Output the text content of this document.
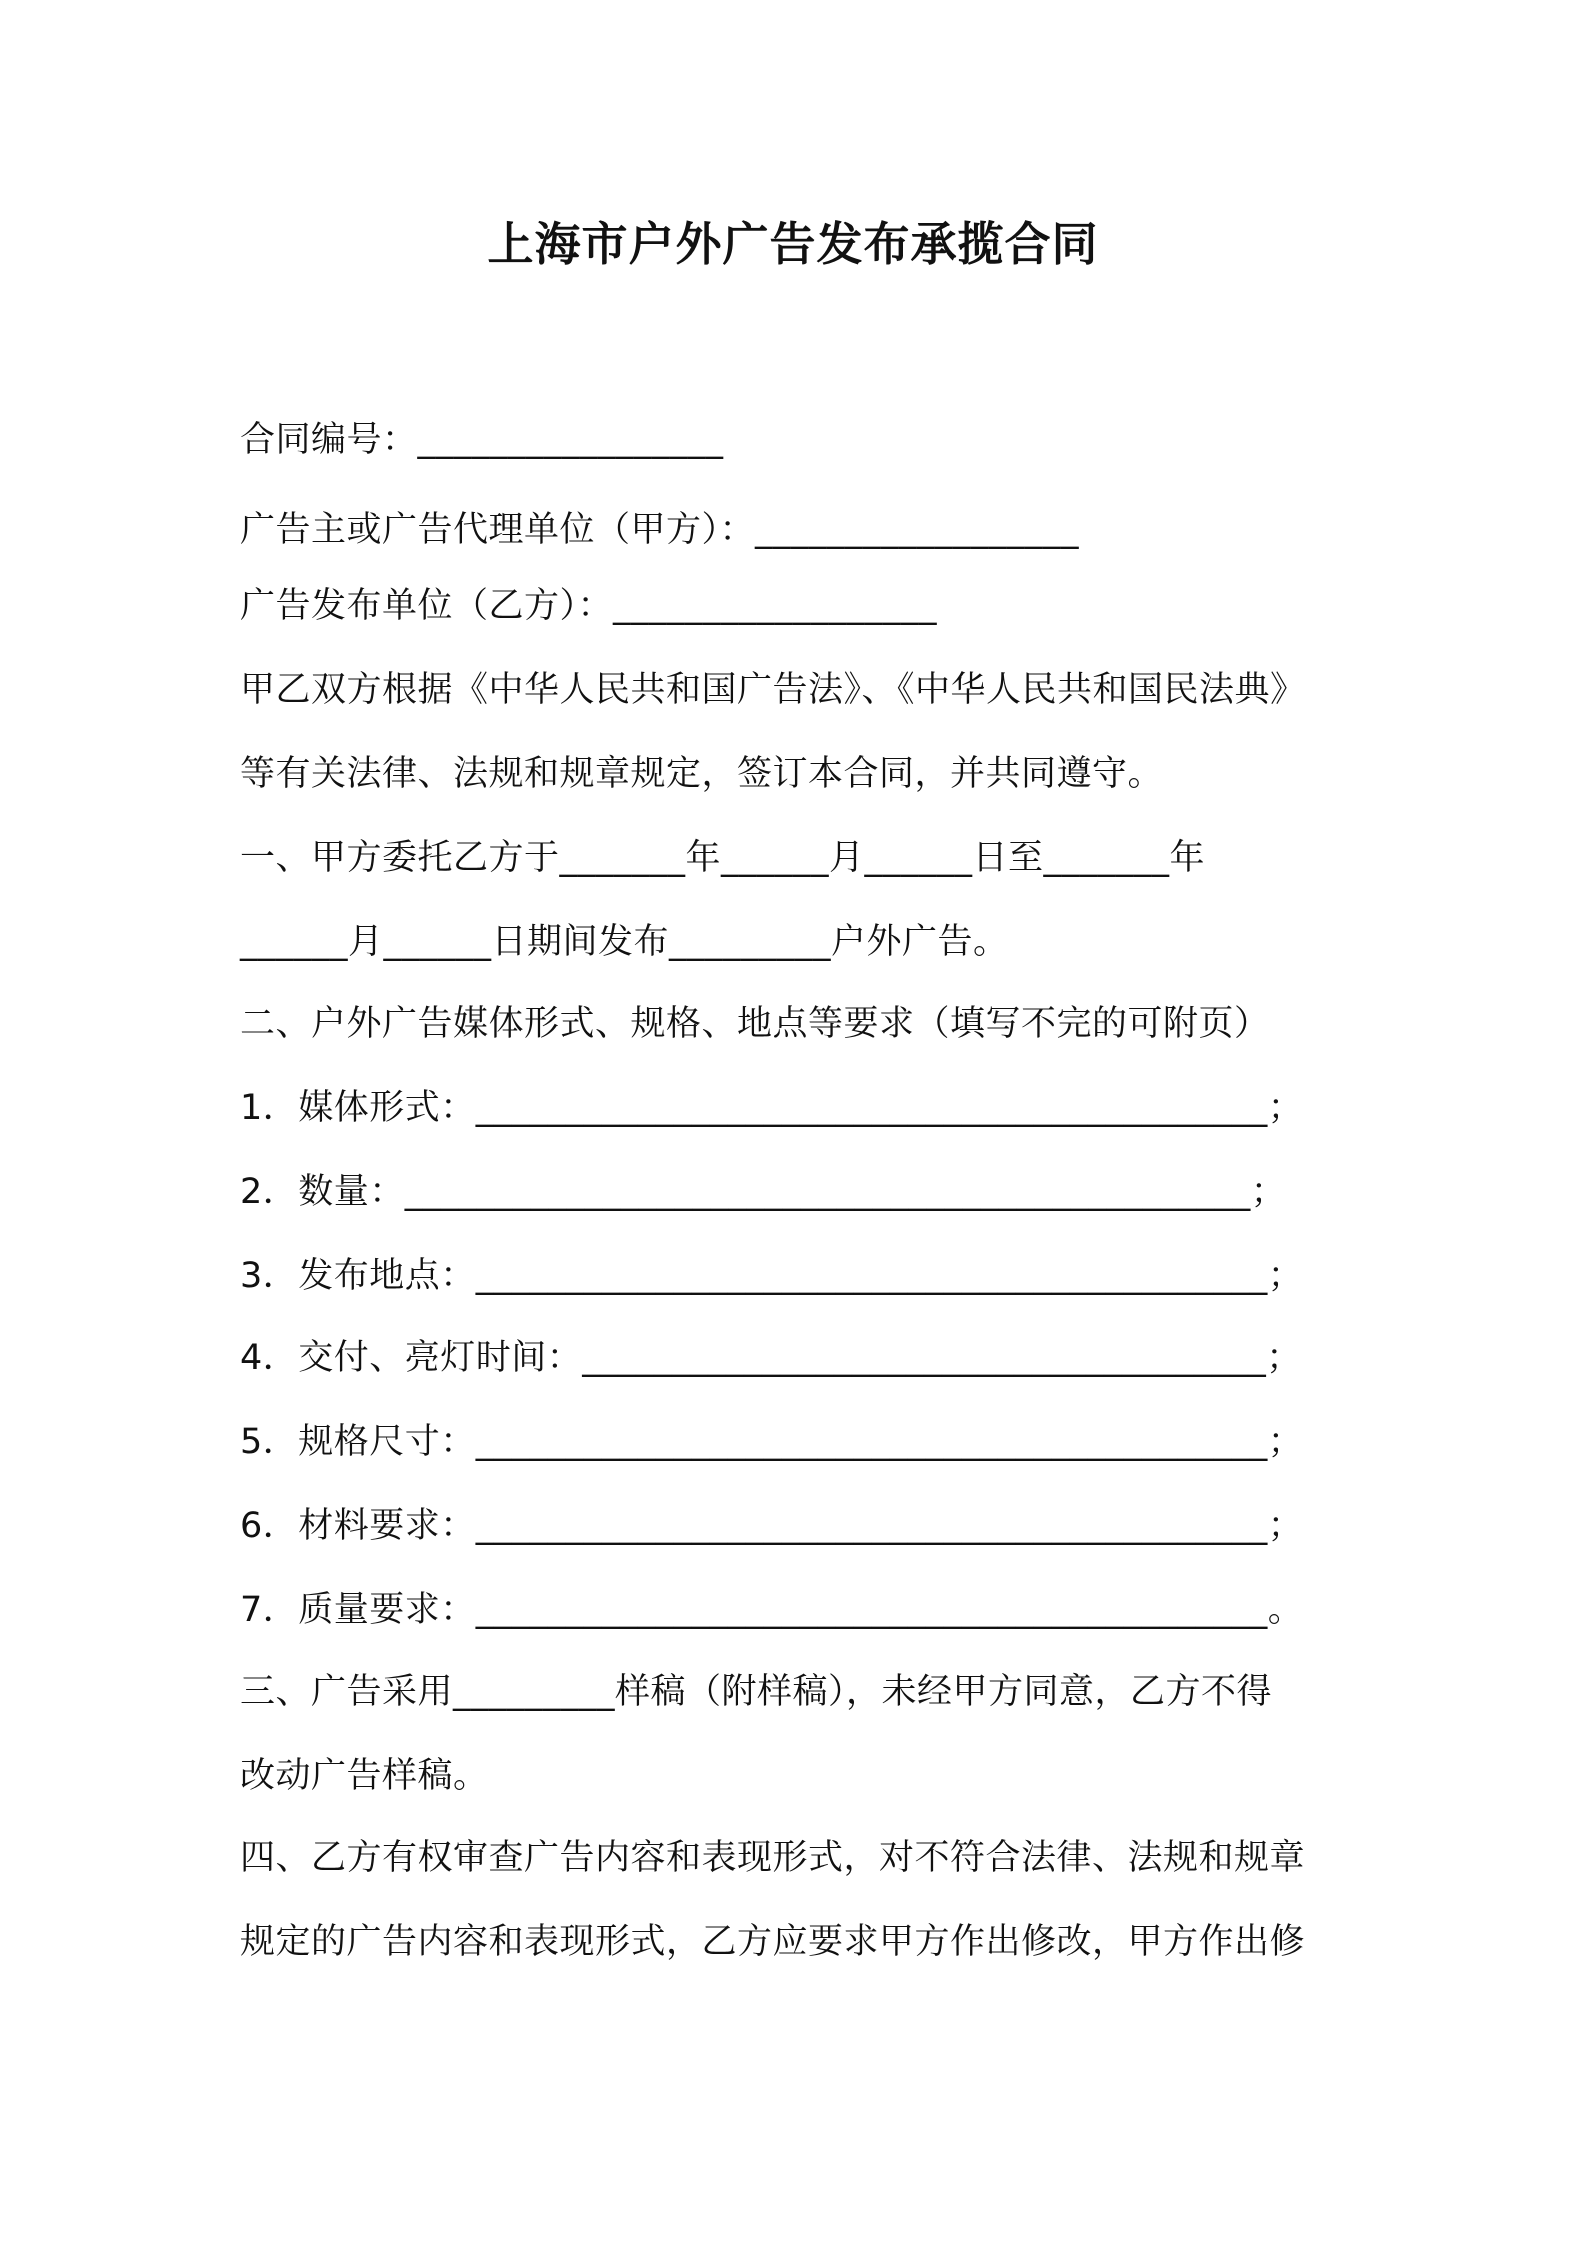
上海市户外广告发布承揽合同
合同编号：_________________
广告主或广告代理单位（甲方）：__________________
广告发布单位（乙方）：__________________
甲乙双方根据《中华人民共和国广告法》、《中华人民共和国民法典》
等有关法律、法规和规章规定，签订本合同，并共同遵守。
一、甲方委托乙方于_______年______月______日至_______年
______月______日期间发布_________户外广告。
二、户外广告媒体形式、规格、地点等要求（填写不完的可附页）
1．媒体形式：____________________________________________；
2．数量：_______________________________________________；
3．发布地点：____________________________________________；
4．交付、亮灯时间：______________________________________；
5．规格尺寸：____________________________________________；
6．材料要求：____________________________________________；
7．质量要求：____________________________________________。
三、广告采用_________样稿（附样稿），未经甲方同意，乙方不得
改动广告样稿。
四、乙方有权审查广告内容和表现形式，对不符合法律、法规和规章
规定的广告内容和表现形式，乙方应要求甲方作出修改，甲方作出修
